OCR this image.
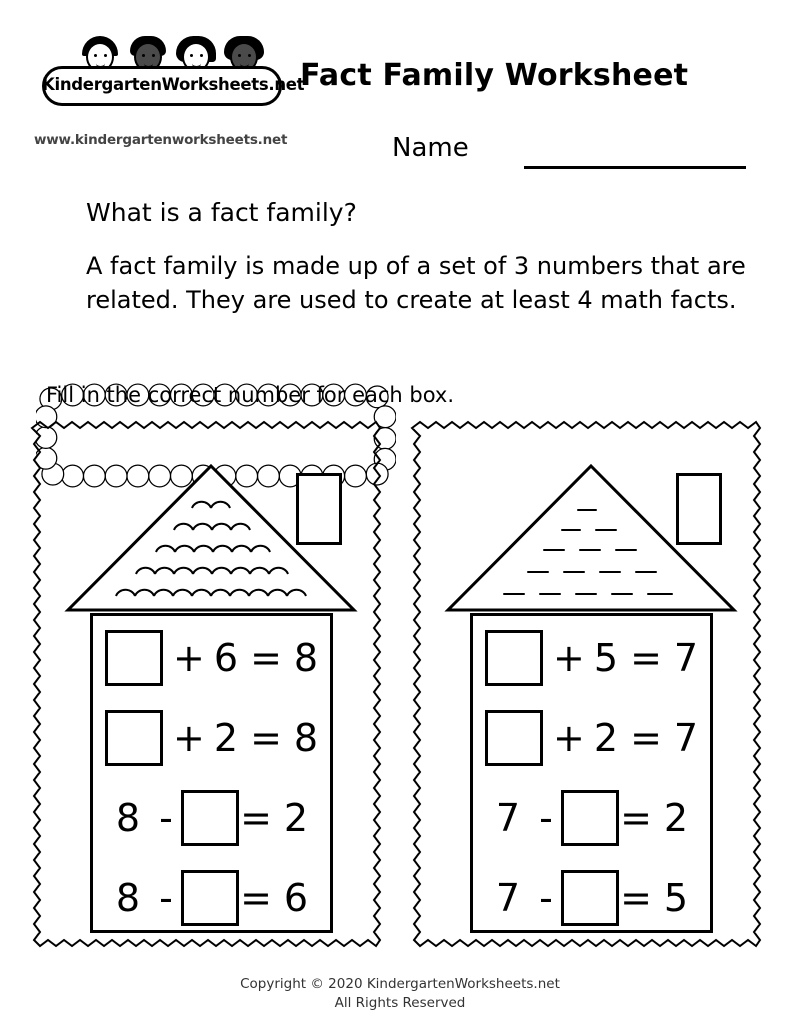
KindergartenWorksheets.net
www.kindergartenworksheets.net
Fact Family Worksheet
Name
What is a fact family?
A fact family is made up of a set of 3 numbers that are related. They are used to create at least 4 math facts.
Fill in the correct number for each box.
+ 6 = 8
+ 2 = 8
8 - = 2
8 - = 6
+ 5 = 7
+ 2 = 7
7 - = 2
7 - = 5
Copyright © 2020 KindergartenWorksheets.net
All Rights Reserved
